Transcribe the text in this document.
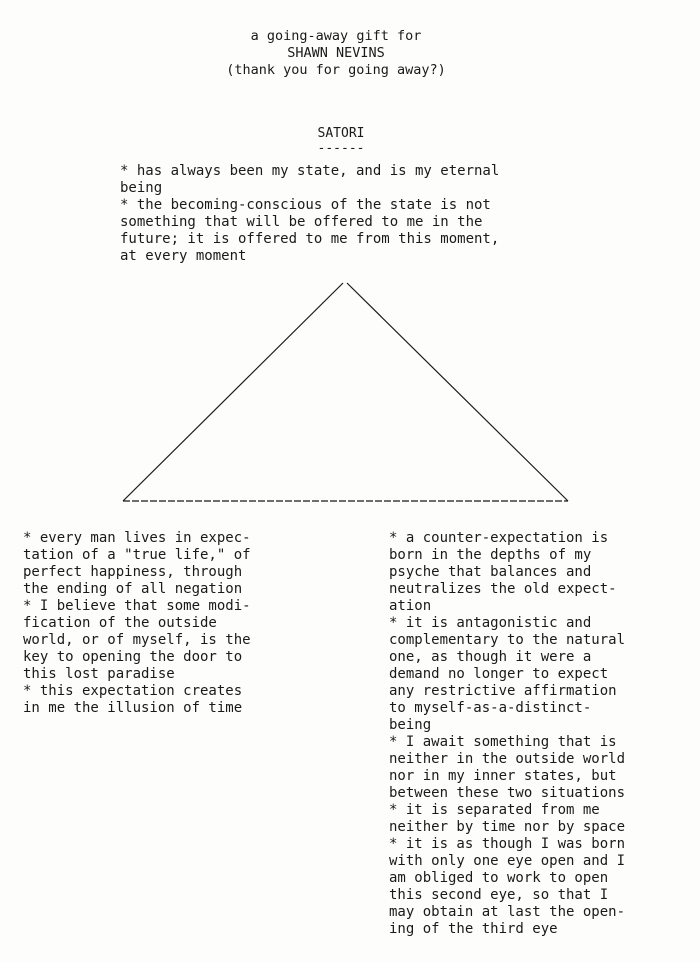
a going-away gift for
SHAWN NEVINS
(thank you for going away?)
SATORI
------
* has always been my state, and is my eternal
being
* the becoming-conscious of the state is not
something that will be offered to me in the
future; it is offered to me from this moment,
at every moment
* every man lives in expec-
tation of a "true life," of
perfect happiness, through
the ending of all negation
* I believe that some modi-
fication of the outside
world, or of myself, is the
key to opening the door to
this lost paradise
* this expectation creates
in me the illusion of time
* a counter-expectation is
born in the depths of my
psyche that balances and
neutralizes the old expect-
ation
* it is antagonistic and
complementary to the natural
one, as though it were a
demand no longer to expect
any restrictive affirmation
to myself-as-a-distinct-
being
* I await something that is
neither in the outside world
nor in my inner states, but
between these two situations
* it is separated from me
neither by time nor by space
* it is as though I was born
with only one eye open and I
am obliged to work to open
this second eye, so that I
may obtain at last the open-
ing of the third eye
